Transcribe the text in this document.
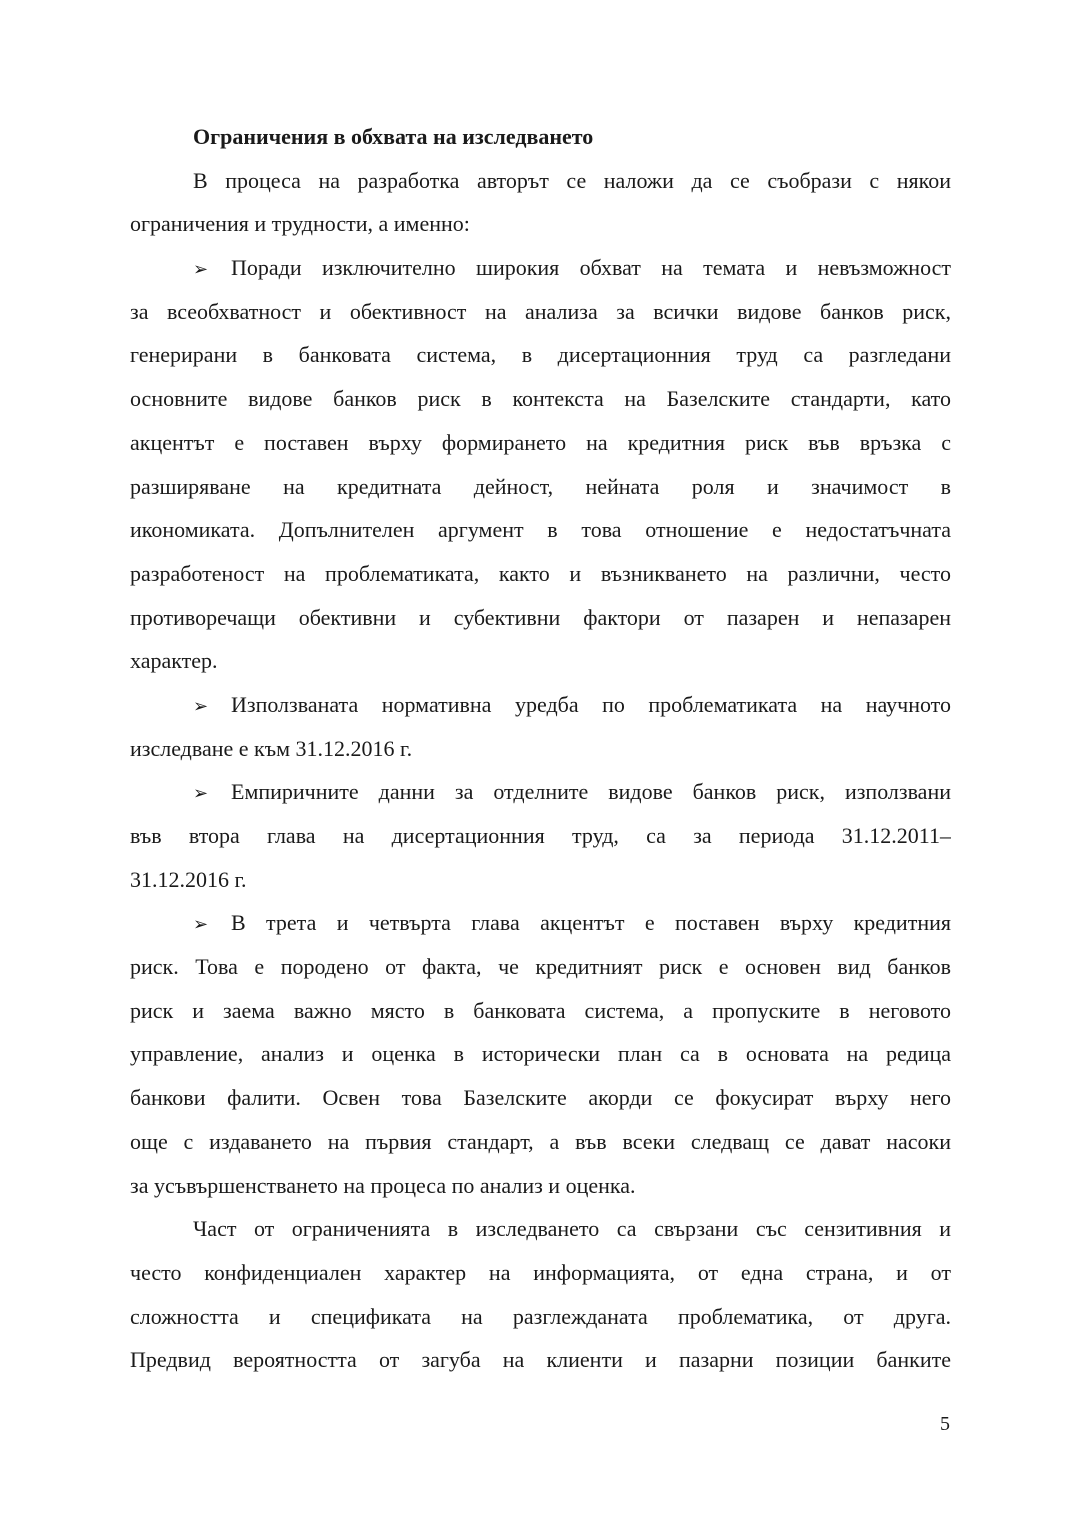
Ограничения в обхвата на изследването
В процеса на разработка авторът се наложи да се съобрази с някои
ограничения и трудности, а именно:
➢ Поради изключително широкия обхват на темата и невъзможност
за всеобхватност и обективност на анализа за всички видове банков риск,
генерирани в банковата система, в дисертационния труд са разгледани
основните видове банков риск в контекста на Базелските стандарти, като
акцентът е поставен върху формирането на кредитния риск във връзка с
разширяване на кредитната дейност, нейната роля и значимост в
икономиката. Допълнителен аргумент в това отношение е недостатъчната
разработеност на проблематиката, както и възникването на различни, често
противоречащи обективни и субективни фактори от пазарен и непазарен
характер.
➢ Използваната нормативна уредба по проблематиката на научното
изследване е към 31.12.2016 г.
➢ Емпиричните данни за отделните видове банков риск, използвани
във втора глава на дисертационния труд, са за периода 31.12.2011–
31.12.2016 г.
➢ В трета и четвърта глава акцентът е поставен върху кредитния
риск. Това е породено от факта, че кредитният риск е основен вид банков
риск и заема важно място в банковата система, а пропуските в неговото
управление, анализ и оценка в исторически план са в основата на редица
банкови фалити. Освен това Базелските акорди се фокусират върху него
още с издаването на първия стандарт, а във всеки следващ се дават насоки
за усъвършенстването на процеса по анализ и оценка.
Част от ограниченията в изследването са свързани със сензитивния и
често конфиденциален характер на информацията, от една страна, и от
сложността и спецификата на разглежданата проблематика, от друга.
Предвид вероятността от загуба на клиенти и пазарни позиции банките
5
